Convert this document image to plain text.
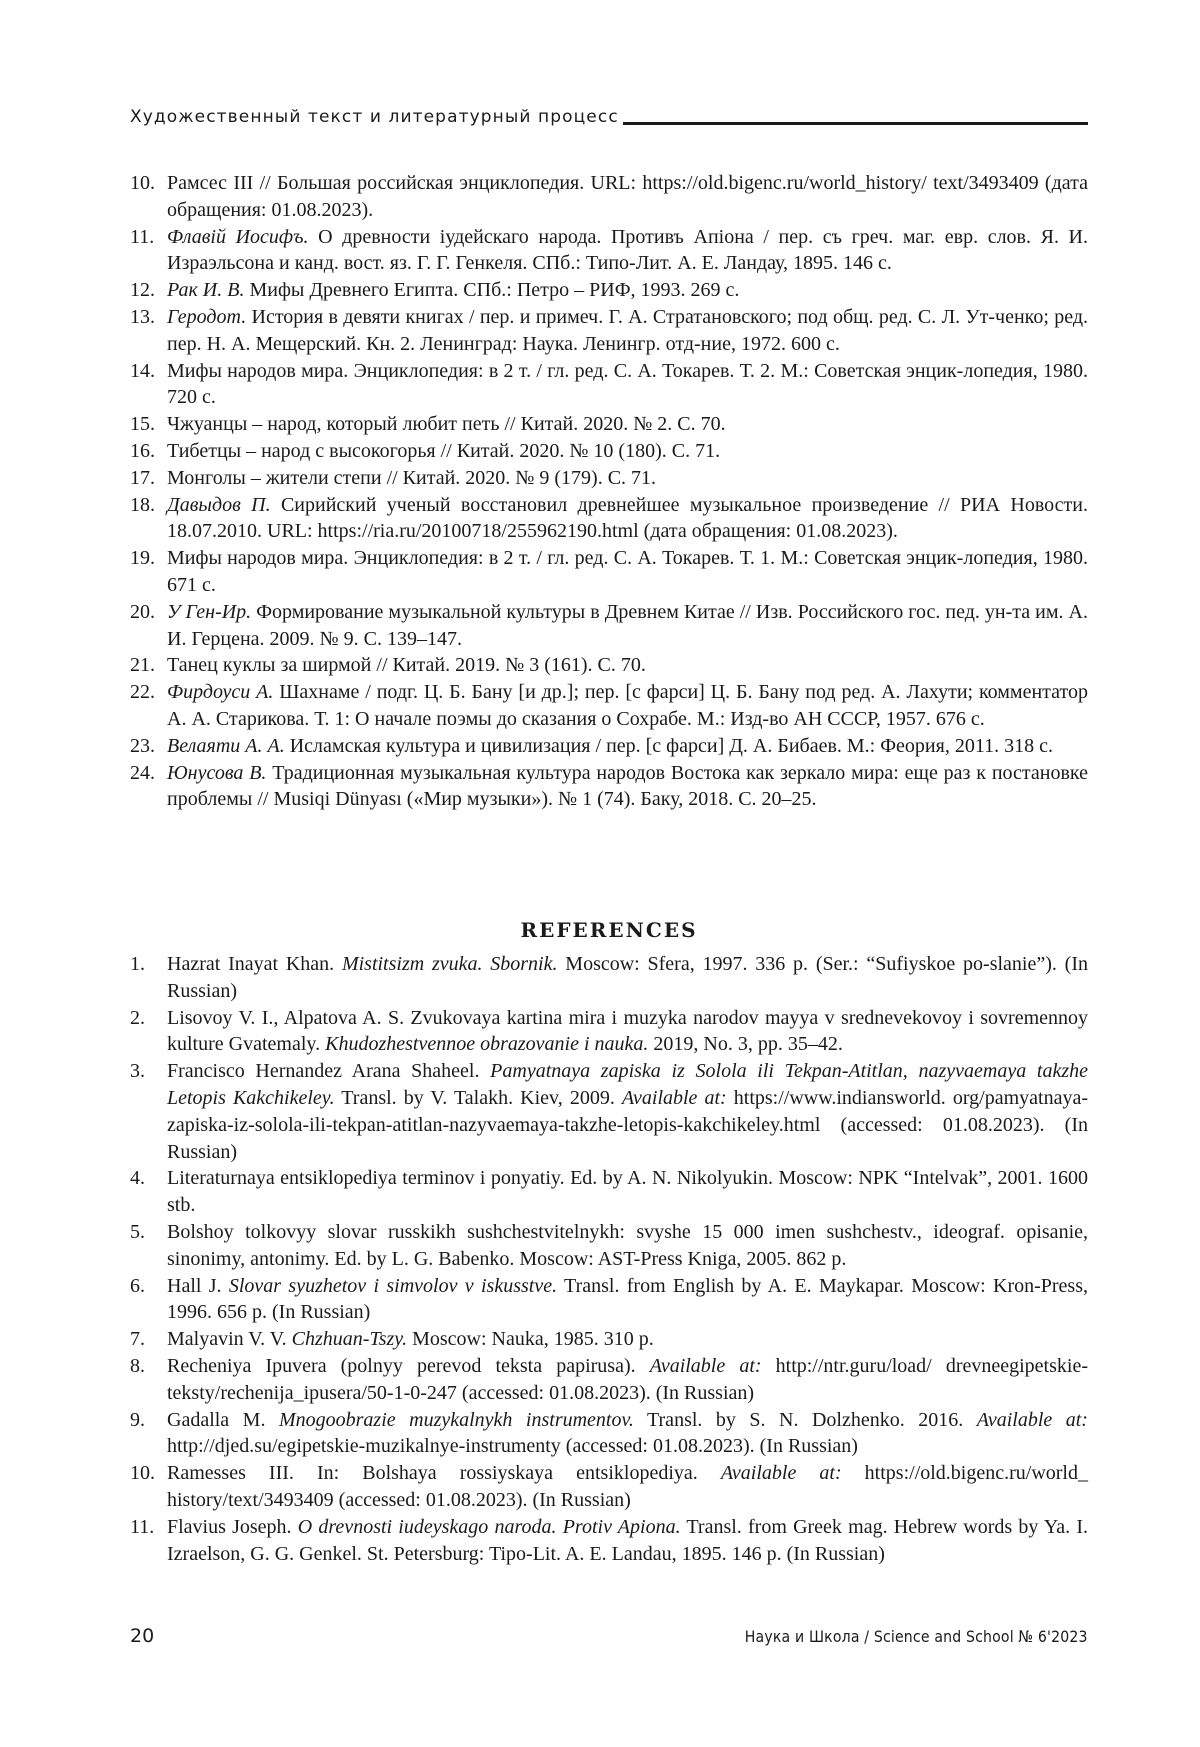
Художественный текст и литературный процесс
10. Рамсес III // Большая российская энциклопедия. URL: https://old.bigenc.ru/world_history/ text/3493409 (дата обращения: 01.08.2023).
11. Флавій Иосифъ. О древности іудейскаго народа. Противъ Апіона / пер. съ греч. маг. евр. слов. Я. И. Израэльсона и канд. вост. яз. Г. Г. Генкеля. СПб.: Типо-Лит. А. Е. Ландау, 1895. 146 с.
12. Рак И. В. Мифы Древнего Египта. СПб.: Петро – РИФ, 1993. 269 с.
13. Геродот. История в девяти книгах / пер. и примеч. Г. А. Стратановского; под общ. ред. С. Л. Ут-ченко; ред. пер. Н. А. Мещерский. Кн. 2. Ленинград: Наука. Ленингр. отд-ние, 1972. 600 с.
14. Мифы народов мира. Энциклопедия: в 2 т. / гл. ред. С. А. Токарев. Т. 2. М.: Советская энцик-лопедия, 1980. 720 с.
15. Чжуанцы – народ, который любит петь // Китай. 2020. № 2. С. 70.
16. Тибетцы – народ с высокогорья // Китай. 2020. № 10 (180). С. 71.
17. Монголы – жители степи // Китай. 2020. № 9 (179). С. 71.
18. Давыдов П. Сирийский ученый восстановил древнейшее музыкальное произведение // РИА Новости. 18.07.2010. URL: https://ria.ru/20100718/255962190.html (дата обращения: 01.08.2023).
19. Мифы народов мира. Энциклопедия: в 2 т. / гл. ред. С. А. Токарев. Т. 1. М.: Советская энцик-лопедия, 1980. 671 с.
20. У Ген-Ир. Формирование музыкальной культуры в Древнем Китае // Изв. Российского гос. пед. ун-та им. А. И. Герцена. 2009. № 9. С. 139–147.
21. Танец куклы за ширмой // Китай. 2019. № 3 (161). С. 70.
22. Фирдоуси А. Шахнаме / подг. Ц. Б. Бану [и др.]; пер. [с фарси] Ц. Б. Бану под ред. А. Лахути; комментатор А. А. Старикова. Т. 1: О начале поэмы до сказания о Сохрабе. М.: Изд-во АН СССР, 1957. 676 с.
23. Велаяти А. А. Исламская культура и цивилизация / пер. [с фарси] Д. А. Бибаев. М.: Феория, 2011. 318 с.
24. Юнусова В. Традиционная музыкальная культура народов Востока как зеркало мира: еще раз к постановке проблемы // Musiqi Dünyası («Мир музыки»). № 1 (74). Баку, 2018. С. 20–25.
REFERENCES
1. Hazrat Inayat Khan. Mistitsizm zvuka. Sbornik. Moscow: Sfera, 1997. 336 p. (Ser.: “Sufiyskoe po-slanie”). (In Russian)
2. Lisovoy V. I., Alpatova A. S. Zvukovaya kartina mira i muzyka narodov mayya v srednevekovoy i sovremennoy kulture Gvatemaly. Khudozhestvennoe obrazovanie i nauka. 2019, No. 3, pp. 35–42.
3. Francisco Hernandez Arana Shaheel. Pamyatnaya zapiska iz Solola ili Tekpan-Atitlan, nazyvaemaya takzhe Letopis Kakchikeley. Transl. by V. Talakh. Kiev, 2009. Available at: https://www.indiansworld. org/pamyatnaya-zapiska-iz-solola-ili-tekpan-atitlan-nazyvaemaya-takzhe-letopis-kakchikeley.html (accessed: 01.08.2023). (In Russian)
4. Literaturnaya entsiklopediya terminov i ponyatiy. Ed. by A. N. Nikolyukin. Moscow: NPK “Intelvak”, 2001. 1600 stb.
5. Bolshoy tolkovyy slovar russkikh sushchestvitelnykh: svyshe 15 000 imen sushchestv., ideograf. opisanie, sinonimy, antonimy. Ed. by L. G. Babenko. Moscow: AST-Press Kniga, 2005. 862 p.
6. Hall J. Slovar syuzhetov i simvolov v iskusstve. Transl. from English by A. E. Maykapar. Moscow: Kron-Press, 1996. 656 p. (In Russian)
7. Malyavin V. V. Chzhuan-Tszy. Moscow: Nauka, 1985. 310 p.
8. Recheniya Ipuvera (polnyy perevod teksta papirusa). Available at: http://ntr.guru/load/ drevneegipetskie-teksty/rechenija_ipusera/50-1-0-247 (accessed: 01.08.2023). (In Russian)
9. Gadalla M. Mnogoobrazie muzykalnykh instrumentov. Transl. by S. N. Dolzhenko. 2016. Available at: http://djed.su/egipetskie-muzikalnye-instrumenty (accessed: 01.08.2023). (In Russian)
10. Ramesses III. In: Bolshaya rossiyskaya entsiklopediya. Available at: https://old.bigenc.ru/world_ history/text/3493409 (accessed: 01.08.2023). (In Russian)
11. Flavius Joseph. O drevnosti iudeyskago naroda. Protiv Apiona. Transl. from Greek mag. Hebrew words by Ya. I. Izraelson, G. G. Genkel. St. Petersburg: Tipo-Lit. A. E. Landau, 1895. 146 p. (In Russian)
20	Наука и Школа / Science and School № 6'2023
